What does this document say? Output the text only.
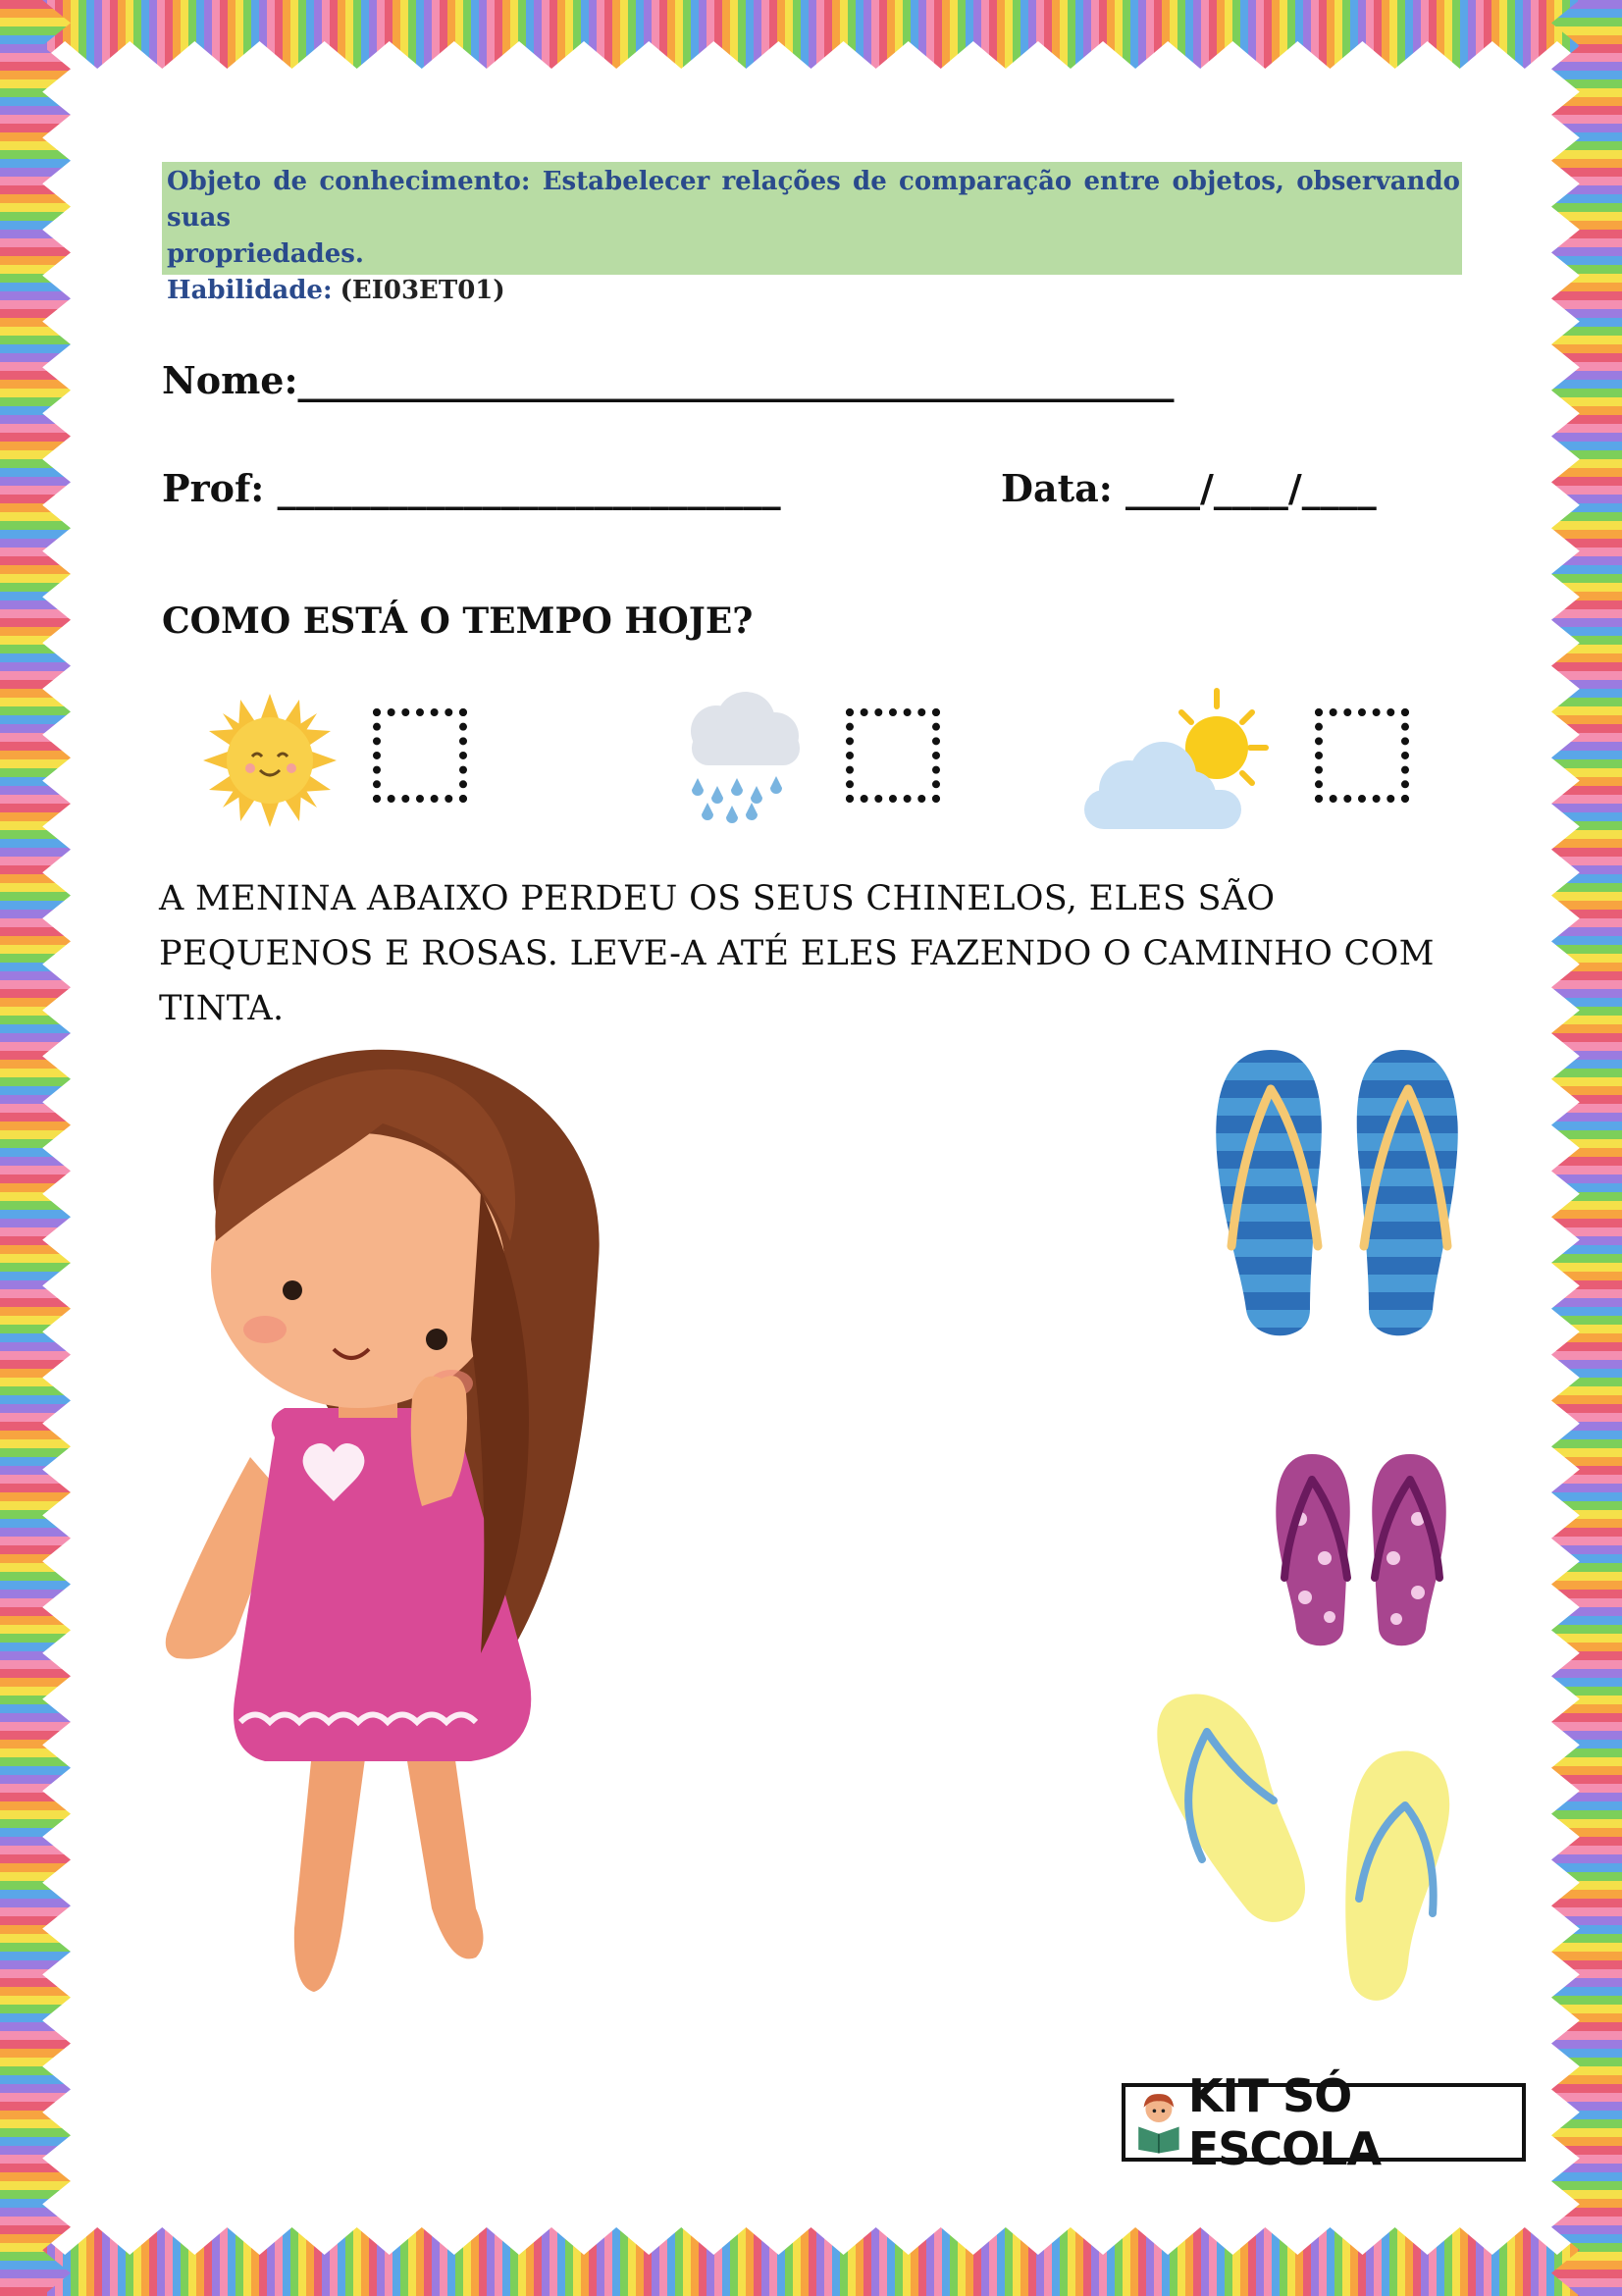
Objeto de conhecimento: Estabelecer relações de comparação entre objetos, observando suas
propriedades.
Habilidade: (EI03ET01)
Nome:_______________________________________________
Prof: ___________________________	Data: ____/____/____
COMO ESTÁ O TEMPO HOJE?
A MENINA ABAIXO PERDEU OS SEUS CHINELOS, ELES SÃO PEQUENOS E ROSAS. LEVE-A ATÉ ELES FAZENDO O CAMINHO COM TINTA.
KIT SÓ ESCOLA
